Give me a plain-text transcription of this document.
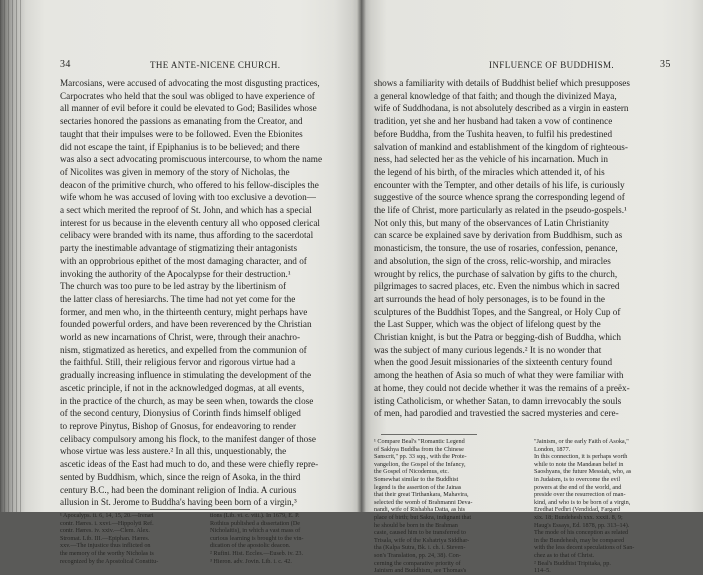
34	THE ANTE-NICENE CHURCH.
Marcosians, were accused of advocating the most disgusting practices,
Carpocrates who held that the soul was obliged to have experience of
all manner of evil before it could be elevated to God; Basilides whose
sectaries honored the passions as emanating from the Creator, and
taught that their impulses were to be followed. Even the Ebionites
did not escape the taint, if Epiphanius is to be believed; and there
was also a sect advocating promiscuous intercourse, to whom the name
of Nicolites was given in memory of the story of Nicholas, the
deacon of the primitive church, who offered to his fellow-disciples the
wife whom he was accused of loving with too exclusive a devotion—
a sect which merited the reproof of St. John, and which has a special
interest for us because in the eleventh century all who opposed clerical
celibacy were branded with its name, thus affording to the sacerdotal
party the inestimable advantage of stigmatizing their antagonists
with an opprobrious epithet of the most damaging character, and of
invoking the authority of the Apocalypse for their destruction.¹
The church was too pure to be led astray by the libertinism of
the latter class of heresiarchs. The time had not yet come for the
former, and men who, in the thirteenth century, might perhaps have
founded powerful orders, and have been reverenced by the Christian
world as new incarnations of Christ, were, through their anachro-
nism, stigmatized as heretics, and expelled from the communion of
the faithful. Still, their religious fervor and rigorous virtue had a
gradually increasing influence in stimulating the development of the
ascetic principle, if not in the acknowledged dogmas, at all events,
in the practice of the church, as may be seen when, towards the close
of the second century, Dionysius of Corinth finds himself obliged
to reprove Pinytus, Bishop of Gnosus, for endeavoring to render
celibacy compulsory among his flock, to the manifest danger of those
whose virtue was less austere.² In all this, unquestionably, the
ascetic ideas of the East had much to do, and these were chiefly repre-
sented by Buddhism, which, since the reign of Asoka, in the third
century B.C., had been the dominant religion of India. A curious
allusion in St. Jerome to Buddha's having been born of a virgin,³
¹ Apocalyps. ii. 6, 14, 15, 20.—Irenæi
contr. Hæres. i. xxvi.—Hippolyti Ref.
contr. Hæres. iv. xxiv.—Clem. Alex.
Stromat. Lib. III.—Epiphan. Hæres.
xxv.—The injustice thus inflicted on
the memory of the worthy Nicholas is
recognized by the Apostolical Constitu-
tions (Lib. vi. c. viii.). In 1679, E. P.
Rothius published a dissertation (De
Nicholaitis), in which a vast mass of
curious learning is brought to the vin-
dication of the apostolic deacon.
² Rufini. Hist. Eccles.—Euseb. iv. 23.
³ Hieron. adv. Jovin. Lib. i. c. 42.
INFLUENCE OF BUDDHISM.	35
shows a familiarity with details of Buddhist belief which presupposes
a general knowledge of that faith; and though the divinized Maya,
wife of Suddhodana, is not absolutely described as a virgin in eastern
tradition, yet she and her husband had taken a vow of continence
before Buddha, from the Tushita heaven, to fulfil his predestined
salvation of mankind and establishment of the kingdom of righteous-
ness, had selected her as the vehicle of his incarnation. Much in
the legend of his birth, of the miracles which attended it, of his
encounter with the Tempter, and other details of his life, is curiously
suggestive of the source whence sprang the corresponding legend of
the life of Christ, more particularly as related in the pseudo-gospels.¹
Not only this, but many of the observances of Latin Christianity
can scarce be explained save by derivation from Buddhism, such as
monasticism, the tonsure, the use of rosaries, confession, penance,
and absolution, the sign of the cross, relic-worship, and miracles
wrought by relics, the purchase of salvation by gifts to the church,
pilgrimages to sacred places, etc. Even the nimbus which in sacred
art surrounds the head of holy personages, is to be found in the
sculptures of the Buddhist Topes, and the Sangreal, or Holy Cup of
the Last Supper, which was the object of lifelong quest by the
Christian knight, is but the Patra or begging-dish of Buddha, which
was the subject of many curious legends.² It is no wonder that
when the good Jesuit missionaries of the sixteenth century found
among the heathen of Asia so much of what they were familiar with
at home, they could not decide whether it was the remains of a preëx-
isting Catholicism, or whether Satan, to damn irrevocably the souls
of men, had parodied and travestied the sacred mysteries and cere-
¹ Compare Beal's "Romantic Legend
of Sakhya Buddha from the Chinese
Sanscrit," pp. 33 sqq., with the Prote-
vangelion, the Gospel of the Infancy,
the Gospel of Nicodemus, etc.
Somewhat similar to the Buddhist
legend is the assertion of the Jainas
that their great Tirthankara, Mahavira,
selected the womb of Brahmanni Deva-
nandi, wife of Rishabha Datta, as his
place of birth; but Sakra, indignant that
he should be born in the Brahman
caste, caused him to be transferred to
Trisala, wife of the Kshatriya Siddhar-
tha (Kalpa Sutra, Bk. i. ch. i. Steven-
son's Translation, pp. 24, 38). Con-
cerning the comparative priority of
Jainism and Buddhism, see Thomas's
"Jainism, or the early Faith of Asoka,"
London, 1877.
In this connection, it is perhaps worth
while to note the Mandæan belief in
Saoshyans, the future Messiah, who, as
in Judaism, is to overcome the evil
powers at the end of the world, and
preside over the resurrection of man-
kind, and who is to be born of a virgin,
Eredhat Fedhri (Vendidad, Fargard
xix. 18; Bundehesh xxx. xxxii. 8, 9;
Haug's Essays, Ed. 1878, pp. 313–14).
The mode of his conception as related
in the Bundehesh, may be compared
with the less decent speculations of San-
chez as to that of Christ.
² Beal's Buddhist Tripitaka, pp.
114–5.
